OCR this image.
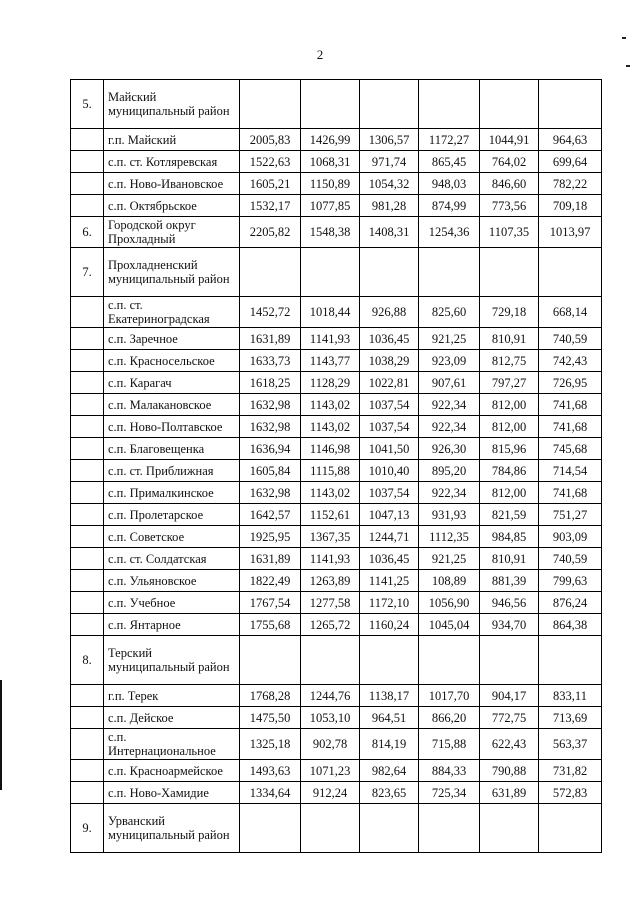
2
5.	Майский муниципальный район						
	г.п. Майский	2005,83	1426,99	1306,57	1172,27	1044,91	964,63
	с.п. ст. Котляревская	1522,63	1068,31	971,74	865,45	764,02	699,64
	с.п. Ново-Ивановское	1605,21	1150,89	1054,32	948,03	846,60	782,22
	с.п. Октябрьское	1532,17	1077,85	981,28	874,99	773,56	709,18
6.	Городской округ Прохладный	2205,82	1548,38	1408,31	1254,36	1107,35	1013,97
7.	Прохладненский муниципальный район						
	с.п. ст. Екатериноградская	1452,72	1018,44	926,88	825,60	729,18	668,14
	с.п. Заречное	1631,89	1141,93	1036,45	921,25	810,91	740,59
	с.п. Красносельское	1633,73	1143,77	1038,29	923,09	812,75	742,43
	с.п. Карагач	1618,25	1128,29	1022,81	907,61	797,27	726,95
	с.п. Малакановское	1632,98	1143,02	1037,54	922,34	812,00	741,68
	с.п. Ново-Полтавское	1632,98	1143,02	1037,54	922,34	812,00	741,68
	с.п. Благовещенка	1636,94	1146,98	1041,50	926,30	815,96	745,68
	с.п. ст. Приближная	1605,84	1115,88	1010,40	895,20	784,86	714,54
	с.п. Прималкинское	1632,98	1143,02	1037,54	922,34	812,00	741,68
	с.п. Пролетарское	1642,57	1152,61	1047,13	931,93	821,59	751,27
	с.п. Советское	1925,95	1367,35	1244,71	1112,35	984,85	903,09
	с.п. ст. Солдатская	1631,89	1141,93	1036,45	921,25	810,91	740,59
	с.п. Ульяновское	1822,49	1263,89	1141,25	108,89	881,39	799,63
	с.п. Учебное	1767,54	1277,58	1172,10	1056,90	946,56	876,24
	с.п. Янтарное	1755,68	1265,72	1160,24	1045,04	934,70	864,38
8.	Терский муниципальный район						
	г.п. Терек	1768,28	1244,76	1138,17	1017,70	904,17	833,11
	с.п. Дейское	1475,50	1053,10	964,51	866,20	772,75	713,69
	с.п. Интернациональное	1325,18	902,78	814,19	715,88	622,43	563,37
	с.п. Красноармейское	1493,63	1071,23	982,64	884,33	790,88	731,82
	с.п. Ново-Хамидие	1334,64	912,24	823,65	725,34	631,89	572,83
9.	Урванский муниципальный район						
